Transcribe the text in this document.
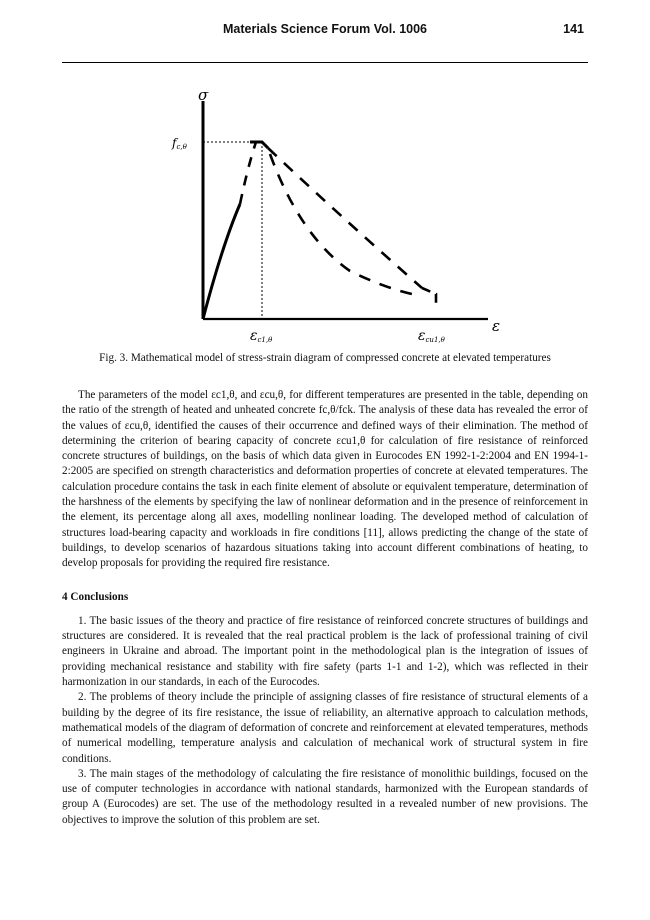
Materials Science Forum Vol. 1006	141
σ
ε
fc,θ
εc1,θ	εcu1,θ
Fig. 3. Mathematical model of stress-strain diagram of compressed concrete at elevated temperatures

The parameters of the model εc1,θ, and εcu,θ, for different temperatures are presented in the table, depending on the ratio of the strength of heated and unheated concrete fc,θ/fck. The analysis of these data has revealed the error of the values of εcu,θ, identified the causes of their occurrence and defined ways of their elimination. The method of determining the criterion of bearing capacity of concrete εcu1,θ for calculation of fire resistance of reinforced concrete structures of buildings, on the basis of which data given in Eurocodes EN 1992-1-2:2004 and EN 1994-1-2:2005 are specified on strength characteristics and deformation properties of concrete at elevated temperatures. The calculation procedure contains the task in each finite element of absolute or equivalent temperature, determination of the harshness of the elements by specifying the law of nonlinear deformation and in the presence of reinforcement in the element, its percentage along all axes, modelling nonlinear loading. The developed method of calculation of structures load-bearing capacity and workloads in fire conditions [11], allows predicting the change of the state of buildings, to develop scenarios of hazardous situations taking into account different combinations of heating, to develop proposals for providing the required fire resistance.

4 Conclusions

1. The basic issues of the theory and practice of fire resistance of reinforced concrete structures of buildings and structures are considered. It is revealed that the real practical problem is the lack of professional training of civil engineers in Ukraine and abroad. The important point in the methodological plan is the integration of issues of providing mechanical resistance and stability with fire safety (parts 1-1 and 1-2), which was reflected in their harmonization in our standards, in each of the Eurocodes.

2. The problems of theory include the principle of assigning classes of fire resistance of structural elements of a building by the degree of its fire resistance, the issue of reliability, an alternative approach to calculation methods, mathematical models of the diagram of deformation of concrete and reinforcement at elevated temperatures, methods of numerical modelling, temperature analysis and calculation of mechanical work of structural system in fire conditions.

3. The main stages of the methodology of calculating the fire resistance of monolithic buildings, focused on the use of computer technologies in accordance with national standards, harmonized with the European standards of group A (Eurocodes) are set. The use of the methodology resulted in a revealed number of new provisions. The objectives to improve the solution of this problem are set.
